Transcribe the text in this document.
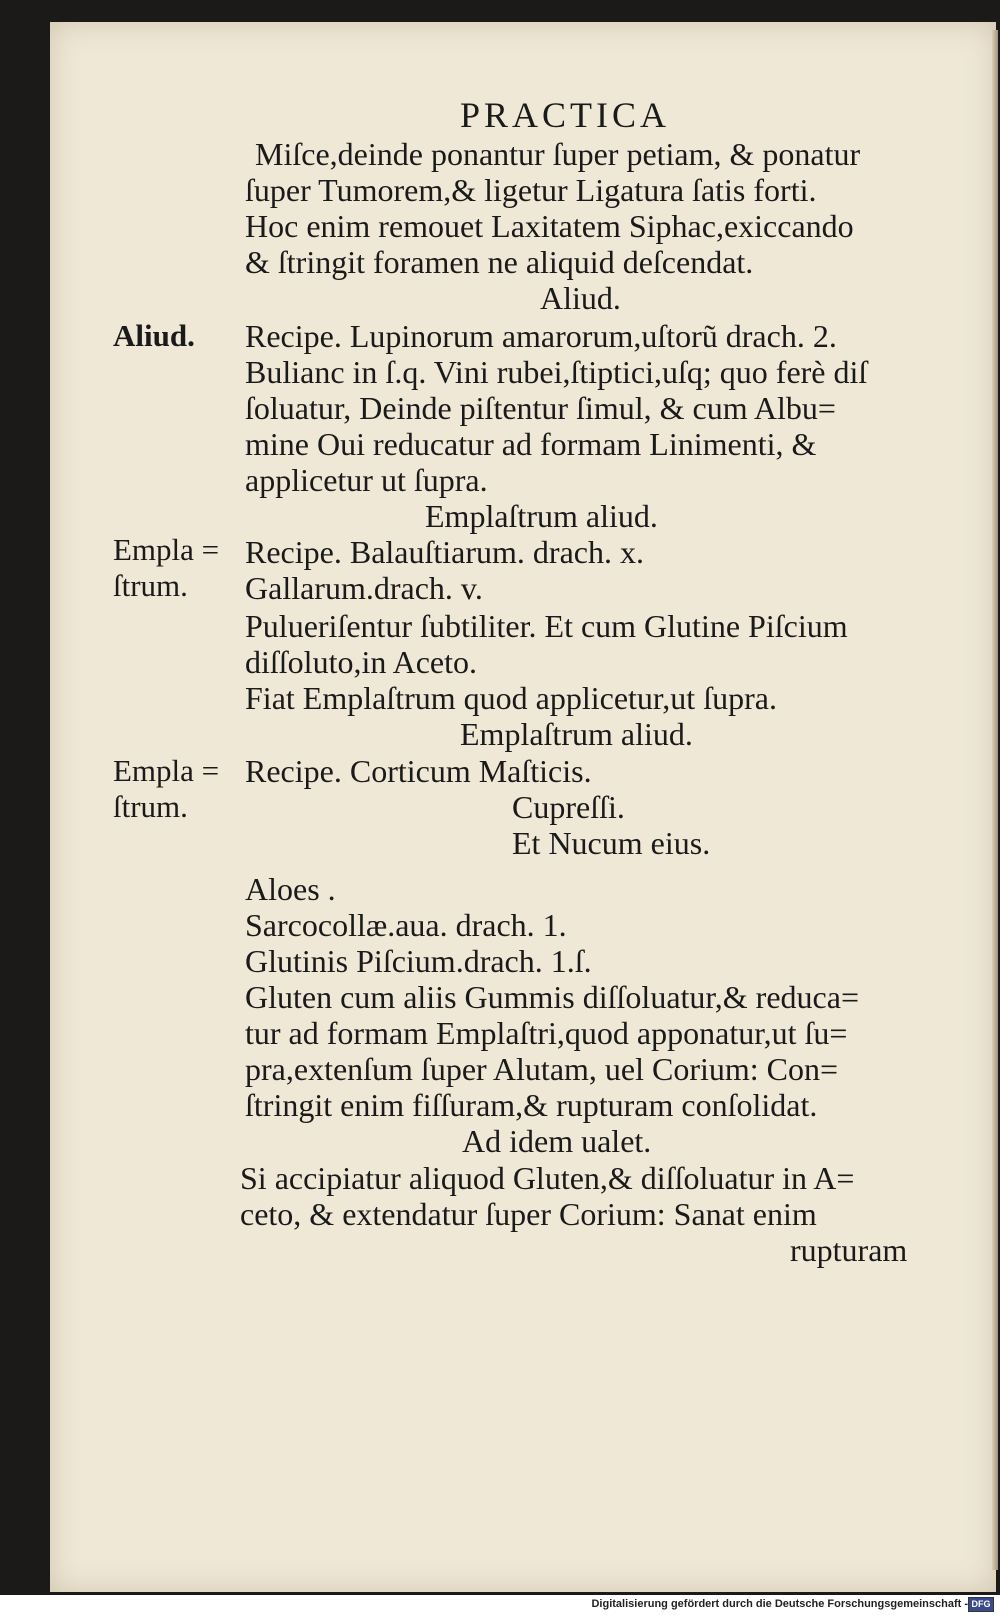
PRACTICA
Aliud.
Empla =
ſtrum.
Empla =
ſtrum.
Miſce,deinde ponantur ſuper petiam, & ponatur
ſuper Tumorem,& ligetur Ligatura ſatis forti.
Hoc enim remouet Laxitatem Siphac,exiccando
& ſtringit foramen ne aliquid deſcendat.
Aliud.
Recipe. Lupinorum amarorum,uſtorũ drach. 2.
Bulianc in ſ.q. Vini rubei,ſtiptici,uſq; quo ferè diſ
ſoluatur, Deinde piſtentur ſimul, & cum Albu=
mine Oui reducatur ad formam Linimenti, &
applicetur ut ſupra.
Emplaſtrum aliud.
Recipe. Balauſtiarum. drach. x.
Gallarum.drach. v.
Pulueriſentur ſubtiliter. Et cum Glutine Piſcium
diſſoluto,in Aceto.
Fiat Emplaſtrum quod applicetur,ut ſupra.
Emplaſtrum aliud.
Recipe. Corticum Maſticis.
Cupreſſi.
Et Nucum eius.
Aloes .
Sarcocollæ.aua. drach. 1.
Glutinis Piſcium.drach. 1.ſ.
Gluten cum aliis Gummis diſſoluatur,& reduca=
tur ad formam Emplaſtri,quod apponatur,ut ſu=
pra,extenſum ſuper Alutam, uel Corium: Con=
ſtringit enim fiſſuram,& rupturam conſolidat.
Ad idem ualet.
Si accipiatur aliquod Gluten,& diſſoluatur in A=
ceto, & extendatur ſuper Corium: Sanat enim
rupturam
Digitalisierung gefördert durch die Deutsche Forschungsgemeinschaft - DFG
